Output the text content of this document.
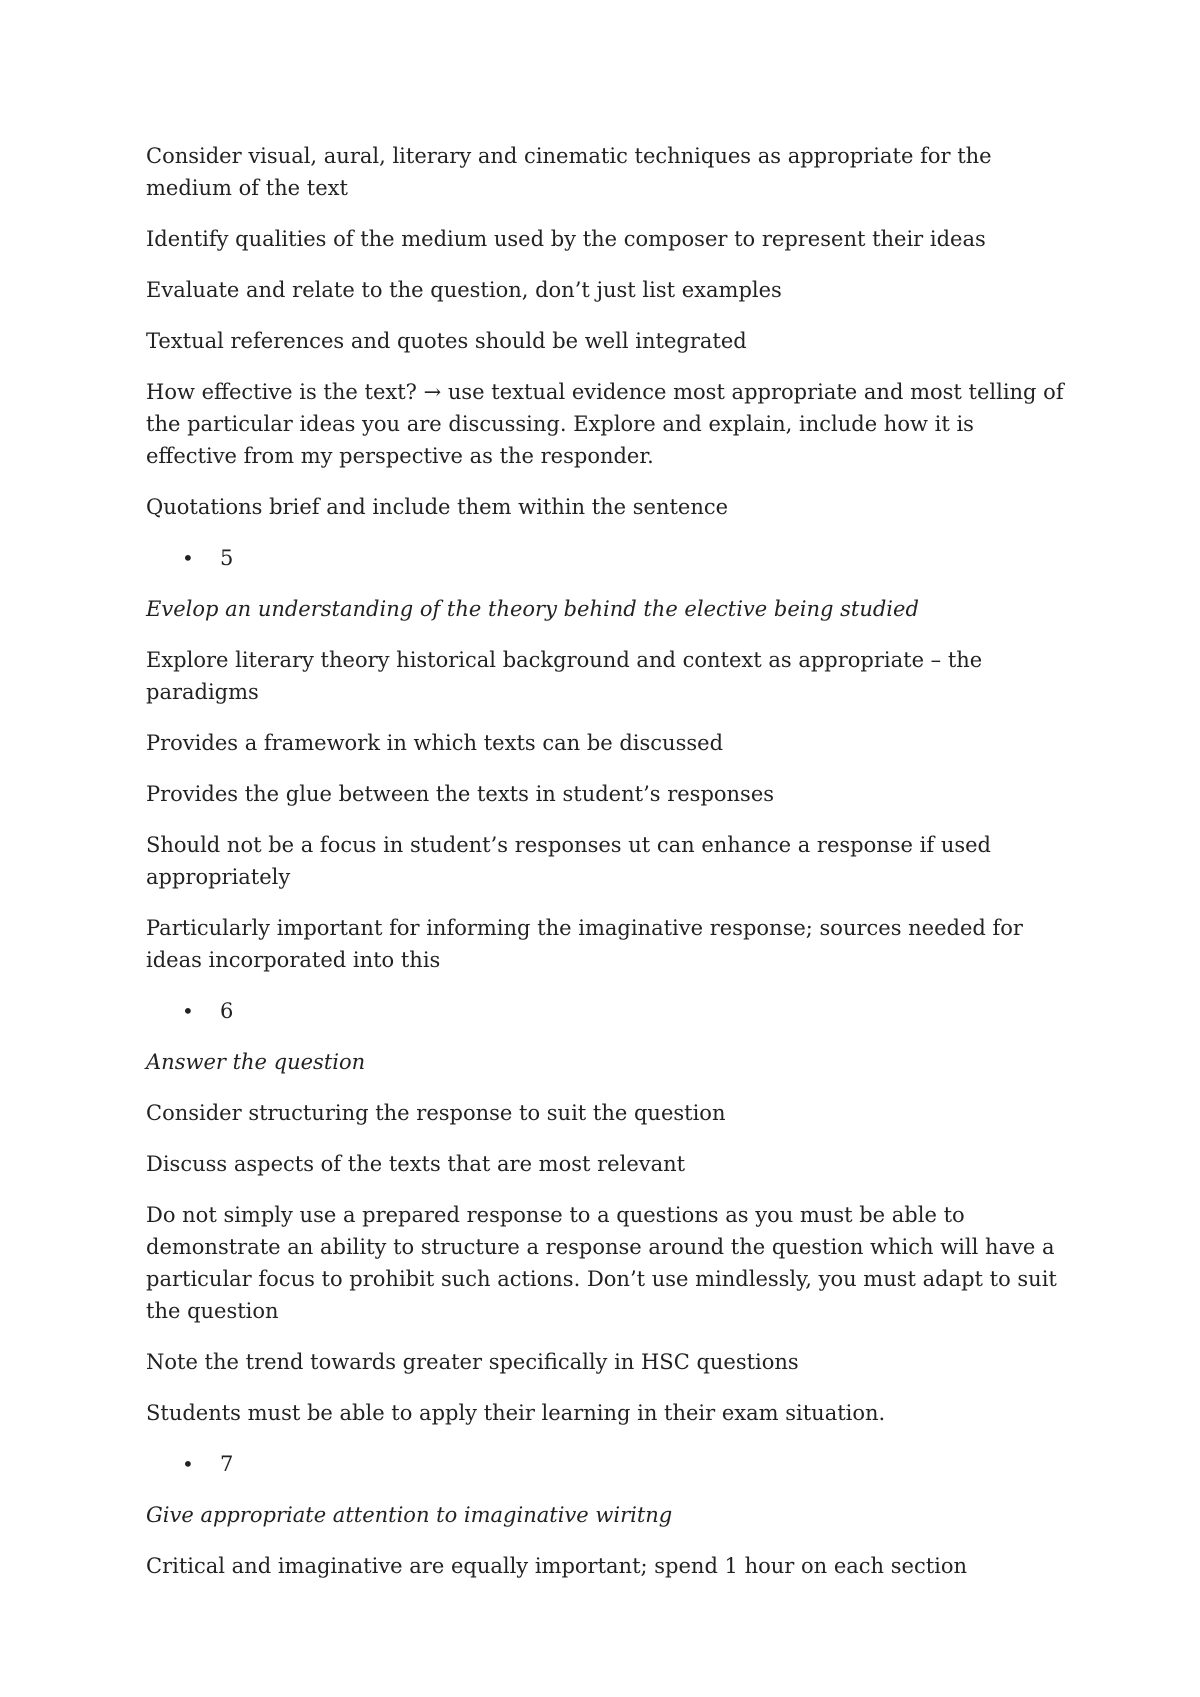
Consider visual, aural, literary and cinematic techniques as appropriate for the medium of the text

Identify qualities of the medium used by the composer to represent their ideas

Evaluate and relate to the question, don’t just list examples

Textual references and quotes should be well integrated

How effective is the text? → use textual evidence most appropriate and most telling of the particular ideas you are discussing. Explore and explain, include how it is effective from my perspective as the responder.

Quotations brief and include them within the sentence

•	5

Evelop an understanding of the theory behind the elective being studied

Explore literary theory historical background and context as appropriate – the paradigms

Provides a framework in which texts can be discussed

Provides the glue between the texts in student’s responses

Should not be a focus in student’s responses ut can enhance a response if used appropriately

Particularly important for informing the imaginative response; sources needed for ideas incorporated into this

•	6

Answer the question

Consider structuring the response to suit the question

Discuss aspects of the texts that are most relevant

Do not simply use a prepared response to a questions as you must be able to demonstrate an ability to structure a response around the question which will have a particular focus to prohibit such actions. Don’t use mindlessly, you must adapt to suit the question

Note the trend towards greater specifically in HSC questions

Students must be able to apply their learning in their exam situation.

•	7

Give appropriate attention to imaginative wiritng

Critical and imaginative are equally important; spend 1 hour on each section
